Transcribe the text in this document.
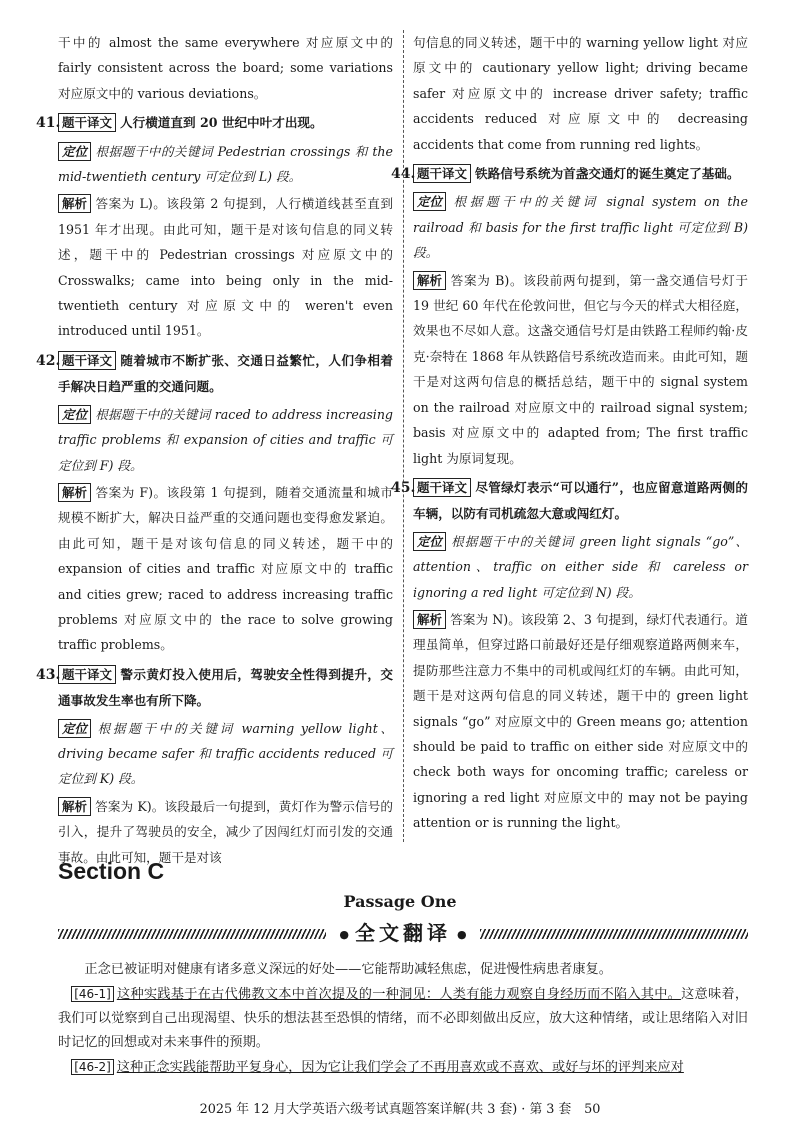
干中的 almost the same everywhere 对应原文中的 fairly consistent across the board; some variations 对应原文中的 various deviations。

41. 题干译文 人行横道直到 20 世纪中叶才出现。

定位 根据题干中的关键词 Pedestrian crossings 和 the mid-twentieth century 可定位到 L) 段。

解析 答案为 L)。该段第 2 句提到，人行横道线甚至直到 1951 年才出现。由此可知，题干是对该句信息的同义转述，题干中的 Pedestrian crossings 对应原文中的 Crosswalks; came into being only in the mid-twentieth century 对应原文中的 weren't even introduced until 1951。

42. 题干译文 随着城市不断扩张、交通日益繁忙，人们争相着手解决日趋严重的交通问题。

定位 根据题干中的关键词 raced to address increasing traffic problems 和 expansion of cities and traffic 可定位到 F) 段。

解析 答案为 F)。该段第 1 句提到，随着交通流量和城市规模不断扩大，解决日益严重的交通问题也变得愈发紧迫。由此可知，题干是对该句信息的同义转述，题干中的 expansion of cities and traffic 对应原文中的 traffic and cities grew; raced to address increasing traffic problems 对应原文中的 the race to solve growing traffic problems。

43. 题干译文 警示黄灯投入使用后，驾驶安全性得到提升，交通事故发生率也有所下降。

定位 根据题干中的关键词 warning yellow light、driving became safer 和 traffic accidents reduced 可定位到 K) 段。

解析 答案为 K)。该段最后一句提到，黄灯作为警示信号的引入，提升了驾驶员的安全，减少了因闯红灯而引发的交通事故。由此可知，题干是对该

句信息的同义转述，题干中的 warning yellow light 对应原文中的 cautionary yellow light; driving became safer 对应原文中的 increase driver safety; traffic accidents reduced 对应原文中的 decreasing accidents that come from running red lights。

44. 题干译文 铁路信号系统为首盏交通灯的诞生奠定了基础。

定位 根据题干中的关键词 signal system on the railroad 和 basis for the first traffic light 可定位到 B) 段。

解析 答案为 B)。该段前两句提到，第一盏交通信号灯于 19 世纪 60 年代在伦敦问世，但它与今天的样式大相径庭，效果也不尽如人意。这盏交通信号灯是由铁路工程师约翰·皮克·奈特在 1868 年从铁路信号系统改造而来。由此可知，题干是对这两句信息的概括总结，题干中的 signal system on the railroad 对应原文中的 railroad signal system; basis 对应原文中的 adapted from; The first traffic light 为原词复现。

45. 题干译文 尽管绿灯表示“可以通行”，也应留意道路两侧的车辆，以防有司机疏忽大意或闯红灯。

定位 根据题干中的关键词 green light signals “go”、attention、traffic on either side 和 careless or ignoring a red light 可定位到 N) 段。

解析 答案为 N)。该段第 2、3 句提到，绿灯代表通行。道理虽简单，但穿过路口前最好还是仔细观察道路两侧来车，提防那些注意力不集中的司机或闯红灯的车辆。由此可知，题干是对这两句信息的同义转述，题干中的 green light signals “go” 对应原文中的 Green means go; attention should be paid to traffic on either side 对应原文中的 check both ways for oncoming traffic; careless or ignoring a red light 对应原文中的 may not be paying attention or is running the light。

Section C

Passage One

● 全文翻译 ●

正念已被证明对健康有诸多意义深远的好处——它能帮助减轻焦虑，促进慢性病患者康复。

[46-1] 这种实践基于在古代佛教文本中首次提及的一种洞见：人类有能力观察自身经历而不陷入其中。这意味着，我们可以觉察到自己出现渴望、快乐的想法甚至恐惧的情绪，而不必即刻做出反应，放大这种情绪，或让思绪陷入对旧时记忆的回想或对未来事件的预期。

[46-2] 这种正念实践能帮助平复身心，因为它让我们学会了不再用喜欢或不喜欢、或好与坏的评判来应对

2025 年 12 月大学英语六级考试真题答案详解(共 3 套) · 第 3 套　50
